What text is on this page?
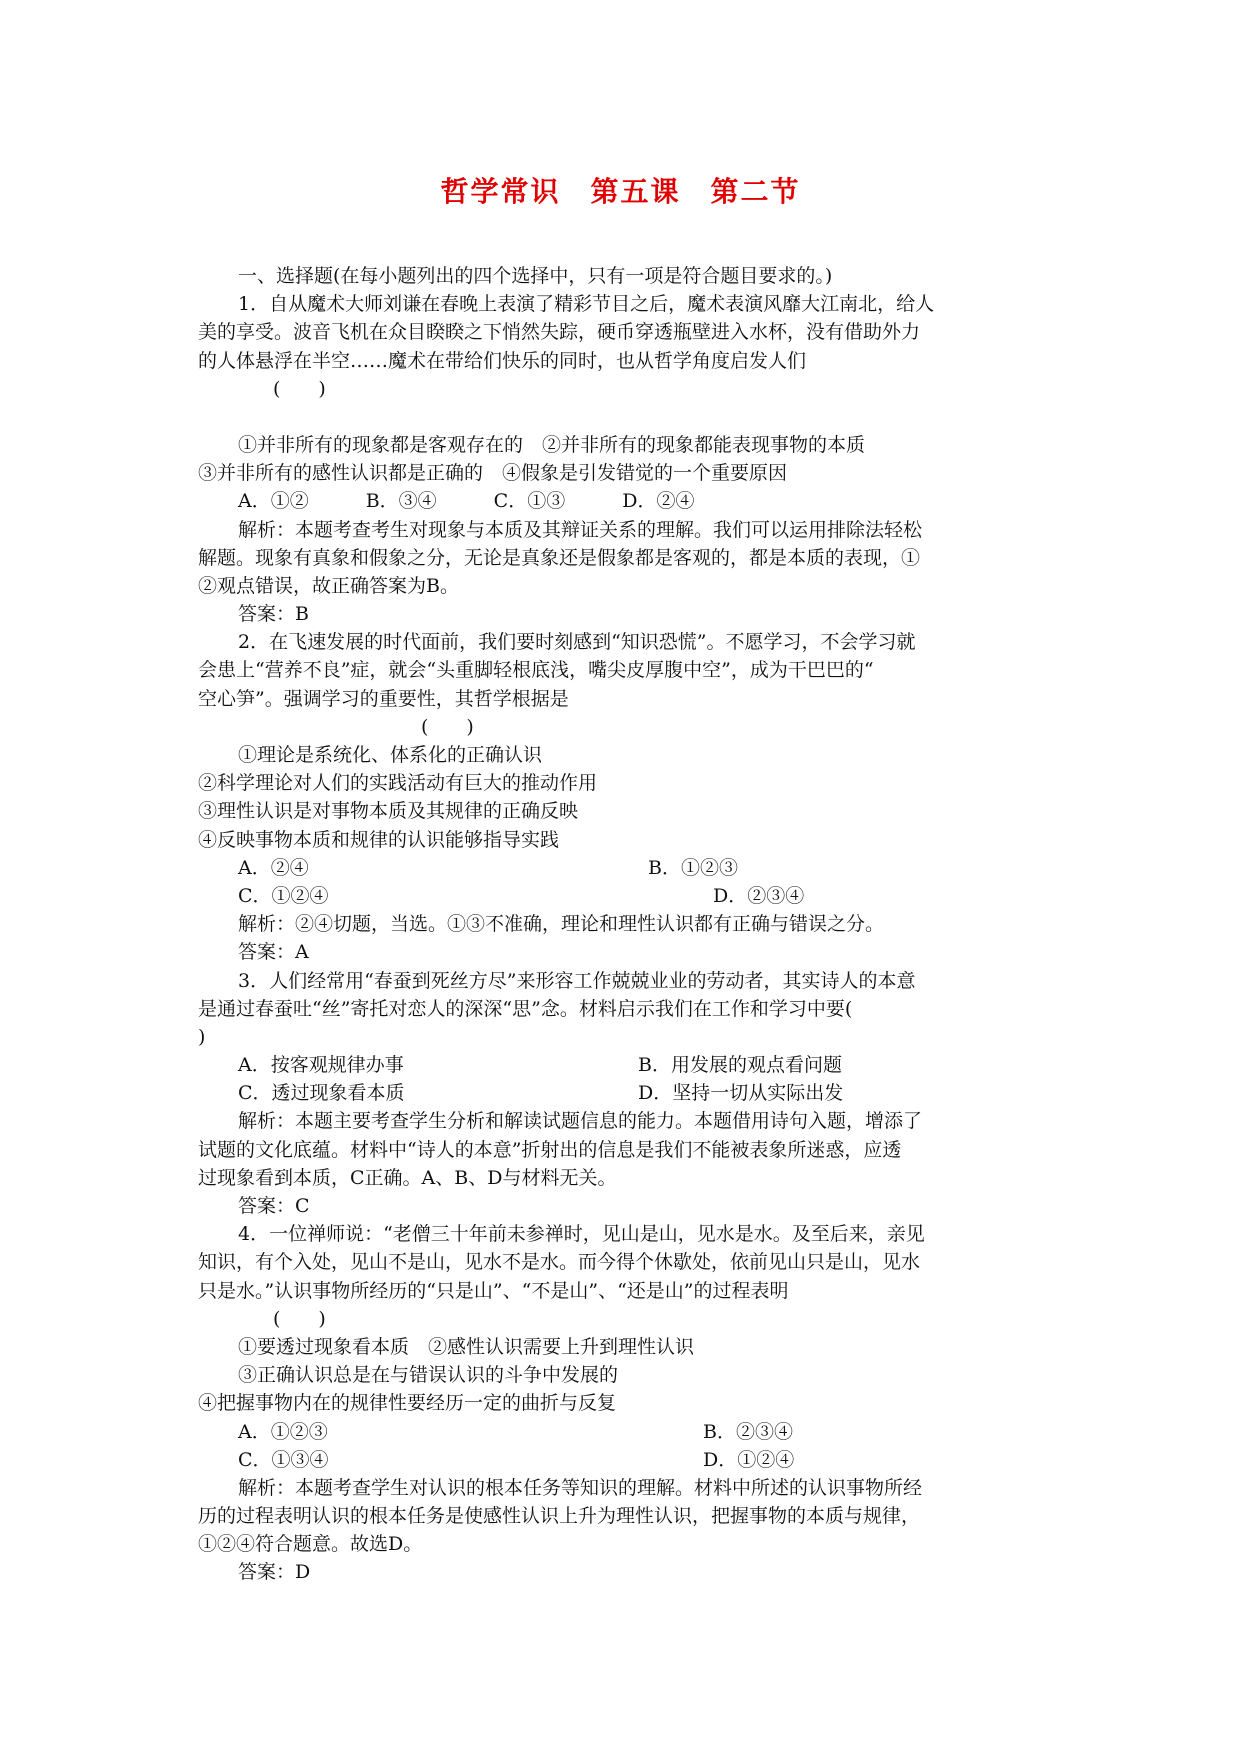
哲学常识　第五课　第二节
一、选择题(在每小题列出的四个选择中，只有一项是符合题目要求的。)
1．自从魔术大师刘谦在春晚上表演了精彩节目之后，魔术表演风靡大江南北，给人
美的享受。波音飞机在众目睽睽之下悄然失踪，硬币穿透瓶壁进入水杯，没有借助外力
的人体悬浮在半空……魔术在带给们快乐的同时，也从哲学角度启发人们
(　　)
①并非所有的现象都是客观存在的　②并非所有的现象都能表现事物的本质
③并非所有的感性认识都是正确的　④假象是引发错觉的一个重要原因
A．①②　　　B．③④　　　C．①③　　　D．②④
解析：本题考查考生对现象与本质及其辩证关系的理解。我们可以运用排除法轻松
解题。现象有真象和假象之分，无论是真象还是假象都是客观的，都是本质的表现，①
②观点错误，故正确答案为B。
答案：B
2．在飞速发展的时代面前，我们要时刻感到“知识恐慌”。不愿学习，不会学习就
会患上“营养不良”症，就会“头重脚轻根底浅，嘴尖皮厚腹中空”，成为干巴巴的“
空心笋”。强调学习的重要性，其哲学根据是
(　　)
①理论是系统化、体系化的正确认识
②科学理论对人们的实践活动有巨大的推动作用
③理性认识是对事物本质及其规律的正确反映
④反映事物本质和规律的认识能够指导实践
A．②④	B．①②③
C．①②④	D．②③④
解析：②④切题，当选。①③不准确，理论和理性认识都有正确与错误之分。
答案：A
3．人们经常用“春蚕到死丝方尽”来形容工作兢兢业业的劳动者，其实诗人的本意
是通过春蚕吐“丝”寄托对恋人的深深“思”念。材料启示我们在工作和学习中要(
)
A．按客观规律办事	B．用发展的观点看问题
C．透过现象看本质	D．坚持一切从实际出发
解析：本题主要考查学生分析和解读试题信息的能力。本题借用诗句入题，增添了
试题的文化底蕴。材料中“诗人的本意”折射出的信息是我们不能被表象所迷惑，应透
过现象看到本质，C正确。A、B、D与材料无关。
答案：C
4．一位禅师说：“老僧三十年前未参禅时，见山是山，见水是水。及至后来，亲见
知识，有个入处，见山不是山，见水不是水。而今得个休歇处，依前见山只是山，见水
只是水。”认识事物所经历的“只是山”、“不是山”、“还是山”的过程表明
(　　)
①要透过现象看本质　②感性认识需要上升到理性认识
③正确认识总是在与错误认识的斗争中发展的
④把握事物内在的规律性要经历一定的曲折与反复
A．①②③	B．②③④
C．①③④	D．①②④
解析：本题考查学生对认识的根本任务等知识的理解。材料中所述的认识事物所经
历的过程表明认识的根本任务是使感性认识上升为理性认识，把握事物的本质与规律，
①②④符合题意。故选D。
答案：D
